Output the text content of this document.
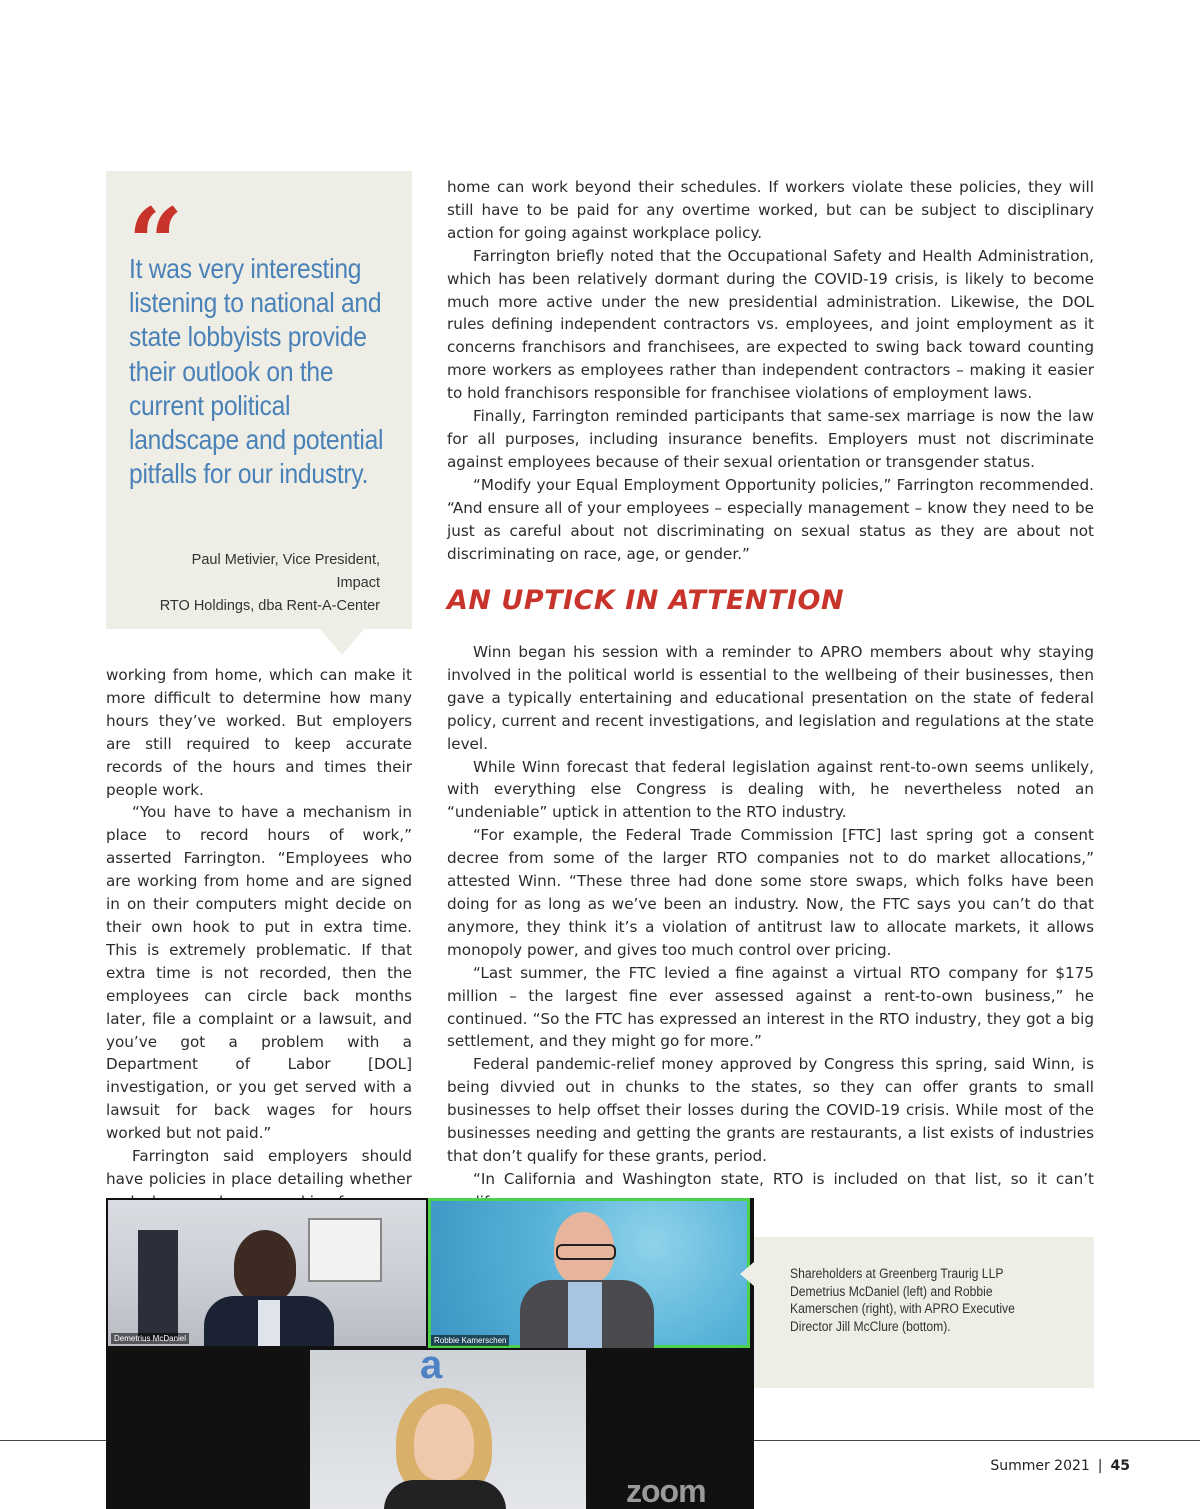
“
It was very interesting listening to national and state lobbyists provide their outlook on the current political landscape and potential pitfalls for our industry.
Paul Metivier, Vice President, Impact
RTO Holdings, dba Rent-A-Center

working from home, which can make it more difficult to determine how many hours they’ve worked. But employers are still required to keep accurate records of the hours and times their people work.

“You have to have a mechanism in place to record hours of work,” asserted Farrington. “Employees who are working from home and are signed in on their computers might decide on their own hook to put in extra time. This is extremely problematic. If that extra time is not recorded, then the employees can circle back months later, file a complaint or a lawsuit, and you’ve got a problem with a Department of Labor [DOL] investigation, or you get served with a lawsuit for back wages for hours worked but not paid.”

Farrington said employers should have policies in place detailing whether

home can work beyond their schedules. If workers violate these policies, they will still have to be paid for any overtime worked, but can be subject to disciplinary action for going against workplace policy.

Farrington briefly noted that the Occupational Safety and Health Administration, which has been relatively dormant during the COVID-19 crisis, is likely to become much more active under the new presidential administration. Likewise, the DOL rules defining independent contractors vs. employees, and joint employment as it concerns franchisors and franchisees, are expected to swing back toward counting more workers as employees rather than independent contractors – making it easier to hold franchisors responsible for franchisee violations of employment laws.

Finally, Farrington reminded participants that same-sex marriage is now the law for all purposes, including insurance benefits. Employers must not discriminate against employees because of their sexual orientation or transgender status.

“Modify your Equal Employment Opportunity policies,” Farrington recommended. “And ensure all of your employees – especially management – know they need to be just as careful about not discriminating on sexual status as they are about not discriminating on race, age, or gender.”

AN UPTICK IN ATTENTION

Winn began his session with a reminder to APRO members about why staying involved in the political world is essential to the wellbeing of their businesses, then gave a typically entertaining and educational presentation on the state of federal policy, current and recent investigations, and legislation and regulations at the state level.

While Winn forecast that federal legislation against rent-to-own seems unlikely, with everything else Congress is dealing with, he nevertheless noted an “undeniable” uptick in attention to the RTO industry.

“For example, the Federal Trade Commission [FTC] last spring got a consent decree from some of the larger RTO companies not to do market allocations,” attested Winn. “These three had done some store swaps, which folks have been doing for as long as we’ve been an industry. Now, the FTC says you can’t do that anymore, they think it’s a violation of antitrust law to allocate markets, it allows monopoly power, and gives too much control over pricing.

“Last summer, the FTC levied a fine against a virtual RTO company for $175 million – the largest fine ever assessed against a rent-to-own business,” he continued. “So the FTC has expressed an interest in the RTO industry, they got a big settlement, and they might go for more.”

Federal pandemic-relief money approved by Congress this spring, said Winn, is being divvied out in chunks to the states, so they can offer grants to small businesses to help offset their losses during the COVID-19 crisis. While most of the businesses needing and getting the grants are restaurants, a list exists of industries that don’t qualify for these grants, period.

“In California and Washington state, RTO is included on that list, so it can’t

Demetrius McDaniel	Robbie Kamerschen
a
zoom
Shareholders at Greenberg Traurig LLP Demetrius McDaniel (left) and Robbie Kamerschen (right), with APRO Executive Director Jill McClure (bottom).
Summer 2021 | 45
